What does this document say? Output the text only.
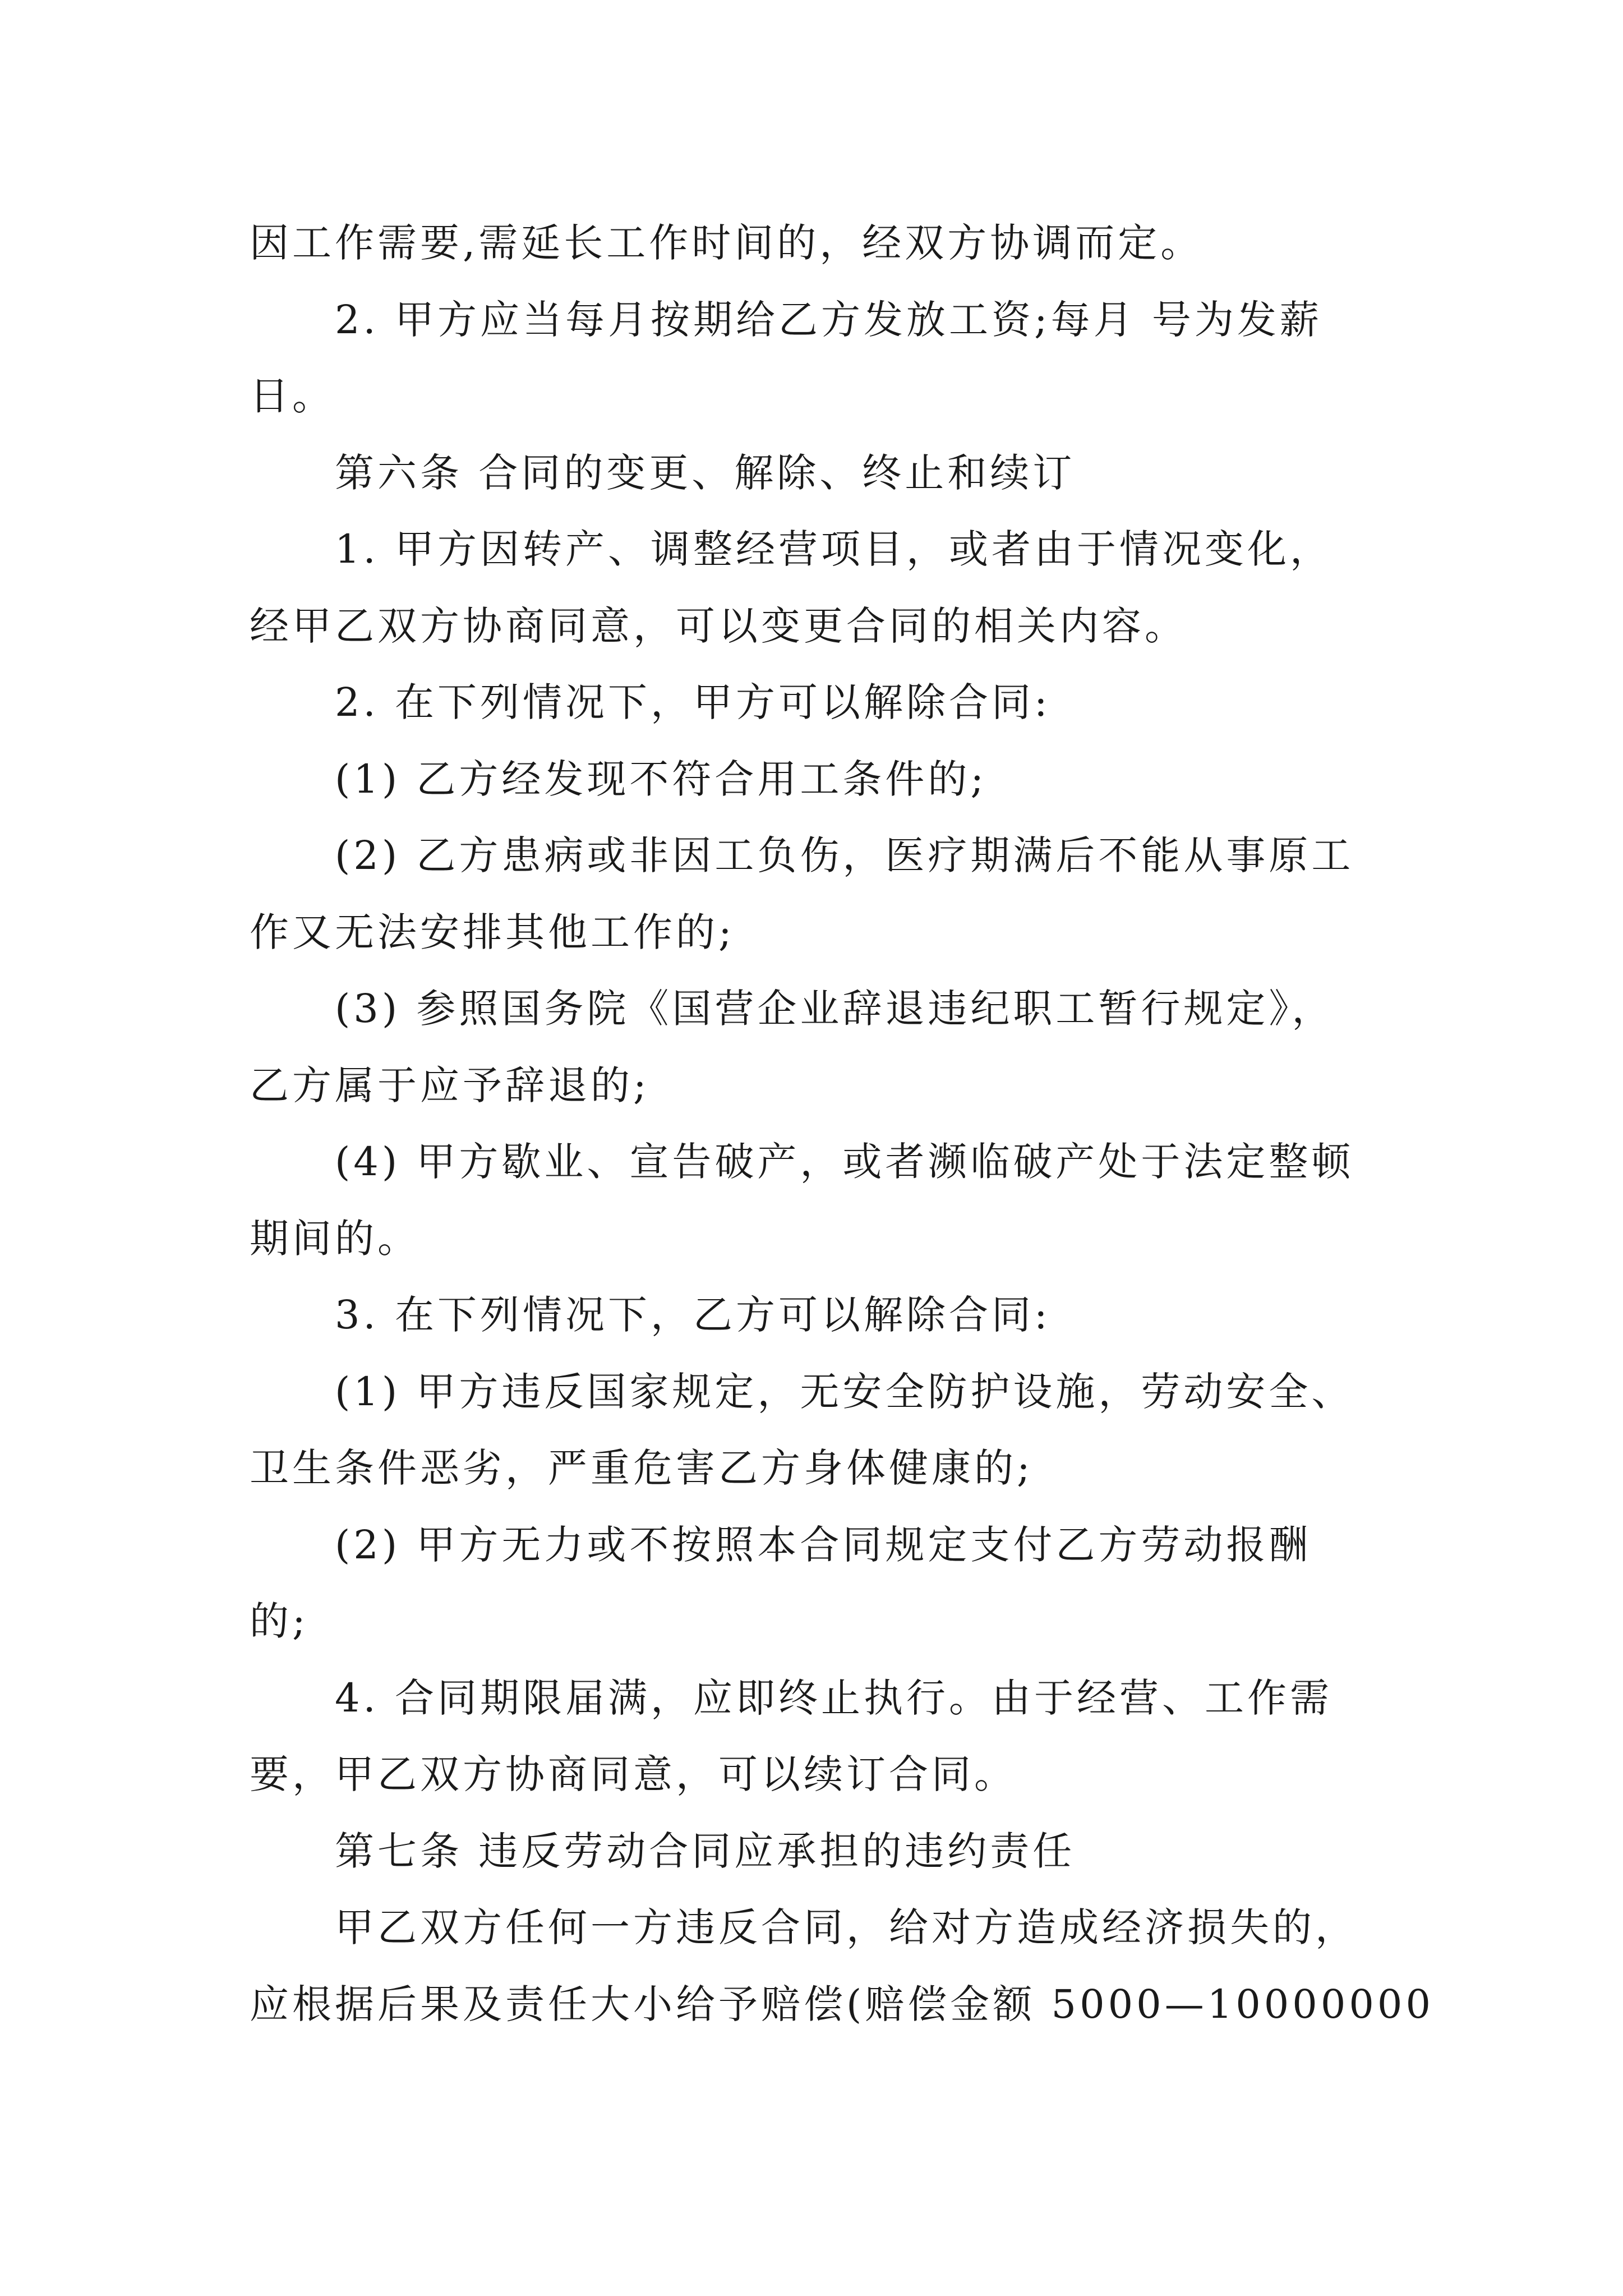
因工作需要,需延长工作时间的，经双方协调而定。
2. 甲方应当每月按期给乙方发放工资;每月 号为发薪
日。
第六条 合同的变更、解除、终止和续订
1. 甲方因转产、调整经营项目，或者由于情况变化，
经甲乙双方协商同意，可以变更合同的相关内容。
2. 在下列情况下，甲方可以解除合同:
(1) 乙方经发现不符合用工条件的;
(2) 乙方患病或非因工负伤，医疗期满后不能从事原工
作又无法安排其他工作的;
(3) 参照国务院《国营企业辞退违纪职工暂行规定》，
乙方属于应予辞退的;
(4) 甲方歇业、宣告破产，或者濒临破产处于法定整顿
期间的。
3. 在下列情况下，乙方可以解除合同:
(1) 甲方违反国家规定，无安全防护设施，劳动安全、
卫生条件恶劣，严重危害乙方身体健康的;
(2) 甲方无力或不按照本合同规定支付乙方劳动报酬
的;
4. 合同期限届满，应即终止执行。由于经营、工作需
要，甲乙双方协商同意，可以续订合同。
第七条 违反劳动合同应承担的违约责任
甲乙双方任何一方违反合同，给对方造成经济损失的，
应根据后果及责任大小给予赔偿(赔偿金额 5000—10000000
